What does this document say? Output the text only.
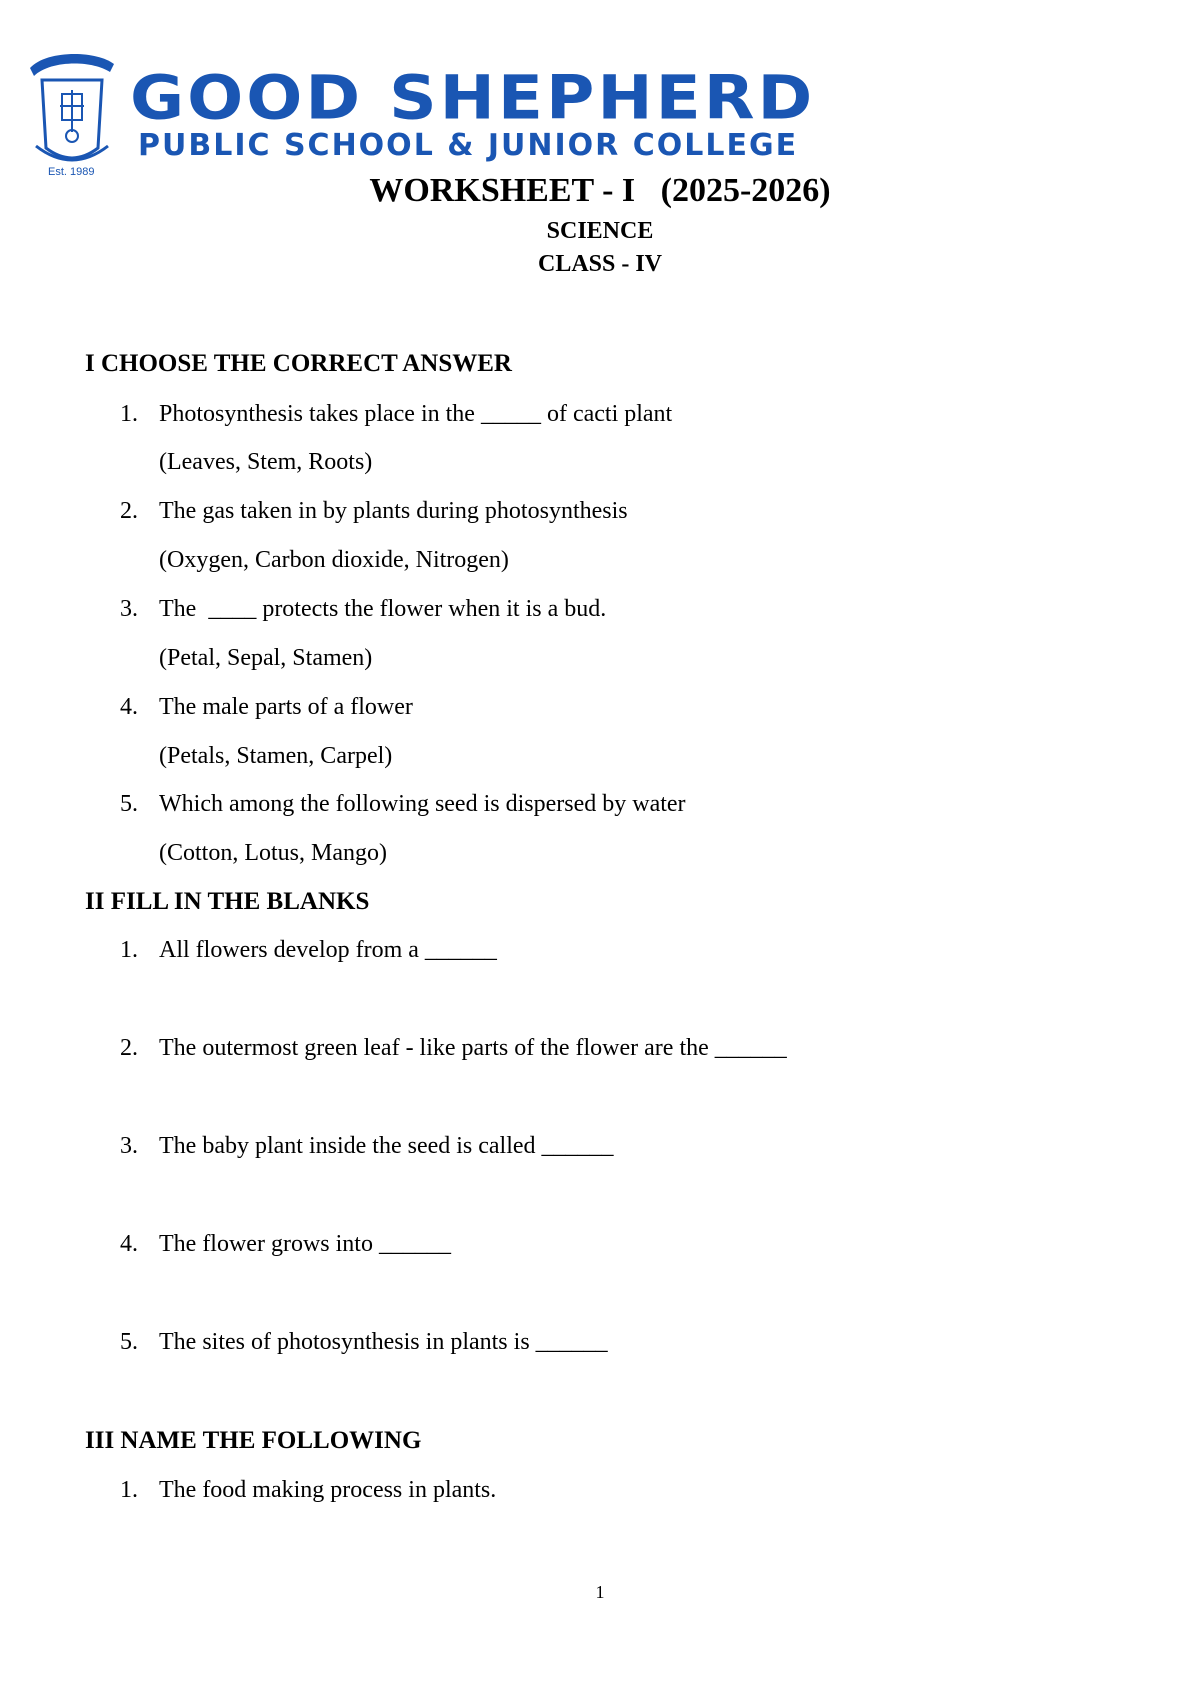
Est. 1989
GOOD SHEPHERD
PUBLIC SCHOOL & JUNIOR COLLEGE
WORKSHEET - I   (2025-2026)
SCIENCE
CLASS - IV
I CHOOSE THE CORRECT ANSWER
1. Photosynthesis takes place in the _____ of cacti plant
(Leaves, Stem, Roots)
2. The gas taken in by plants during photosynthesis
(Oxygen, Carbon dioxide, Nitrogen)
3. The  ____ protects the flower when it is a bud.
(Petal, Sepal, Stamen)
4. The male parts of a flower
(Petals, Stamen, Carpel)
5. Which among the following seed is dispersed by water
(Cotton, Lotus, Mango)
II FILL IN THE BLANKS
1. All flowers develop from a ______
2. The outermost green leaf - like parts of the flower are the ______
3. The baby plant inside the seed is called ______
4. The flower grows into ______
5. The sites of photosynthesis in plants is ______
III NAME THE FOLLOWING
1. The food making process in plants.
1
